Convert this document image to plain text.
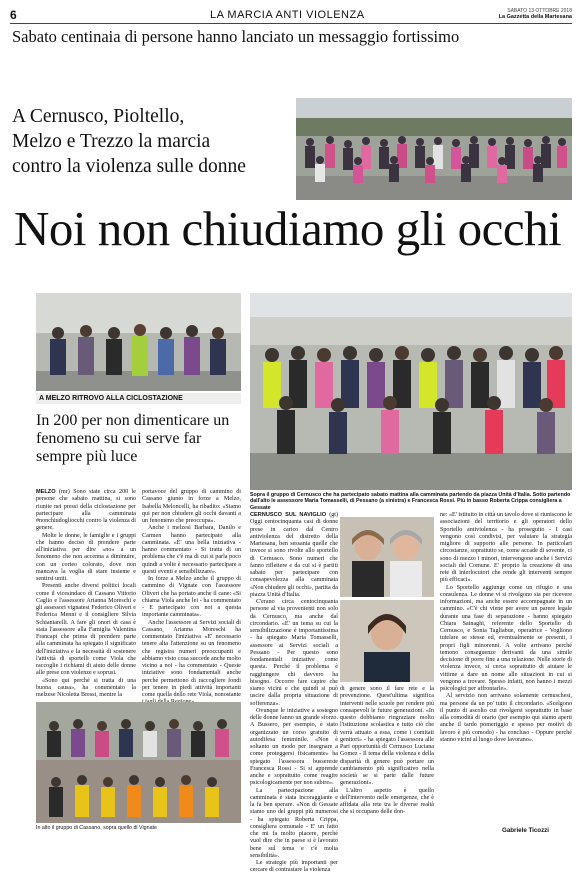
6	LA MARCIA ANTI VIOLENZA	SABATO 13 OTTOBRE 2018
La Gazzetta della Martesana
Sabato centinaia di persone hanno lanciato un messaggio fortissimo
A Cernusco, Pioltello,
Melzo e Trezzo la marcia
contro la violenza sulle donne
Noi non chiudiamo gli occhi
A MELZO RITROVO ALLA CICLOSTAZIONE
In 200 per non dimenticare un fenomeno su cui serve far sempre più luce

MELZO (mr) Sono state circa 200 le persone che sabato mattina, si sono riunite nei pressi della ciclostazione per partecipare alla camminata #nonchiudogliocchi contro la violenza di genere.

Molte le donne, le famiglie e i gruppi che hanno deciso di prendere parte all'iniziativa per dire «no» a un fenomeno che non accenna a diminuire, con un corteo colorato, dove non mancava la voglia di stare insieme e sentirsi uniti.

Presenti anche diversi politici locali come il vicesindaco di Cassano Vittorio Caglio e l'assessore Arianna Moreschi e gli assessori vignatesi Federico Oliveri e Federica Menni e il consigliere Silvia Schiantarelli. A fare gli onori di casa è stata l'assessore alla Famiglia Valentina Francapi che prima di prendere parte alla camminata ha spiegato il significato dell'iniziativa e la necessità di sostenere l'attività di sportelli come Viola che raccoglie i richiami di aiuto delle donne alle prese con violenze e soprusi.

«Sono qui perché si tratta di una buona causa», ha commentato la melzese Nicoletta Bressi, mentre la

portavoce del gruppo di cammino di Cassano giunto in forze a Melzo, Isabella Meloncelli, ha ribadito: «Siamo qui per non chiudere gli occhi davanti a un fenomeno che preoccupa».

Anche i melzesi Barbara, Danilo e Carmen hanno partecipato alla camminata. «È' una bella iniziativa - hanno commentato - Si tratta di un problema che c'è ma di cui si parla poco quindi a volte è necessario partecipare a questi eventi e sensibilizzare».

In forze a Melzo anche il gruppo di cammino di Vignate con l'assessore Oliveri che ha portato anche il cane: «Si chiama Viola anche lei - ha commentato - E partecipato con noi a questa importante camminata».

Anche l'assessore ai Servizi sociali di Cassano, Arianna Moreschi ha commentato l'iniziativa «E' necessario tenere alta l'attenzione su un fenomeno che registra numeri preoccupanti e abbiamo visto cosa succede anche molto vicino a noi - ha commentato - Queste iniziative sono fondamentali anche perché permettono di raccogliere fondi per tenere in piedi attività importanti come quella dello rete Viola, nonostante

In alto il gruppo di Cassano, sopra quello di Vignate
Sopra il gruppo di Cernusco che ha partecipato sabato mattina alla camminata partendo da piazza Unità d'Italia. Sotto partendo dall'alto le assessore Maria Tomasselli, di Pessano (a sinistra) e Francesca Rossi. Più in basso Roberta Crippa consigliera a Gessate

CERNUSCO SUL NAVIGLIO (gt) Oggi centocinquanta casi di donne prese in carico dal Centro antiviolenza del distretto della Martesana, ben sessanta quelle che invece si sono rivolte allo sportello di Cernusco. Sono numeri che fanno riflettere e da cui si è partiti sabato per partecipare con consapevolezza alla camminata «Non chiudere gli occhi», partita da piazza Unità d'Italia.

C'erano circa centocinquanta persone al via provenienti non solo da Cernusco, ma anche dal circondario. «È' un tema su cui la sensibilizzazione è importantissima - ha spiegato Maria Tomasselli, assessore ai Servizi sociali a Pessano - Per questo sono fondamentali iniziative come questa. Perché il problema è raggiungere chi davvero ha bisogno. Occorre fare capire che siamo vicini e che quindi si può uscire dalla propria situazione di sofferenza».

Ovunque le iniziative a sostegno delle donne fanno un grande sforzo. A Bussero, per esempio, è stato organizzato un corso gratuito di autodifesa femminile. «Non è soltanto un modo per insegnare a come proteggersi fisicamente» ha spiegato l'assessora bussereste Francesca Rossi - Si si apprende anche e soprattutto come reagire psicologicamente per non subire».

La partecipazione alla camminata è stata incoraggiante e la fa ben sperare. «Non di Gessate siamo uno del gruppi più numerosi - ha spiegato Roberta Crippa, consigliera comunale - E' un fatto che mi fa molto piacere, perché vuol dire che in paese si è lavorato bene sul tema e c'è molta sensibilità».

Le strategie più importanti per cercare di contrastare la violenza

di genere sono il fare rete e la prevenzione. Quest'ultima significa interventi nelle scuole per rendere più consapevoli le future generazioni. «In questo dobbiamo ringraziare molto l'istituzione scolastica e tutto ciò che verrà attuato a essa, come i comitati genitori» - ha spiegato l'assessora alle Pari opportunità di Cernusco Luciana Gomez - Il tema della violenza e della disparità di genere può portare un cambiamento più significativo nella società se si parte dalle future generazioni».

L'altro aspetto è quello dell'intervento nelle emergenze, che è affidata alla rete tra le diverse realtà che si occupano delle don-

ne: «E' istituito in città un tavolo dove si riuniscono le associazioni del territorio e gli operatori dello Sportello antiviolenza - ha proseguito - I casi vengono così condivisi, per valutare la strategia migliore di supporto alle persone. In particolari circostanze, soprattutto se, come accade di sovente, ci sono di mezzo i minori, intervengono anche i Servizi sociali del Comune. E' proprio la creazione di una rete di interlocutori che rende gli interventi sempre più efficaci».

Lo Sportello aggiunge come un rifugio e una consulenza. Le donne vi si rivolgono sia per ricevere informazioni, ma anche essere accompagnate in un cammino. «C'è chi viene per avere un parere legale durante una fase di separazione - hanno spiegato Chiara Sainaghi, referente dello Sportello di Cernusco, e Sonia Tagliabue, operatrice - Vogliono tutelare se stesse ed, eventualmente se presenti, i propri figli minorenni. A volte arrivano perché temono conseguenze derivanti da una simile decisione di porre fine a una relazione. Nelle storie di violenza invece, si cerca soprattutto di aiutare le vittime a dare un nome alle situazioni in cui si vengono a trovare. Spesso infatti, non hanno i mezzi psicologici per affrontarle».

Al servizio non arrivano solamente cernuschesi, ma persone da un po' tutto il circondario. «Scelgono il punto di ascolto cui rivolgersi soprattutto in base alla comodità di orario (per esempio qui siamo aperti anche il tardo pomeriggio e spesso per motivi di lavoro è più comodo) - ha concluso - Oppure perché stanno vicini al luogo dove lavorano».

Gabriele Ticozzi
